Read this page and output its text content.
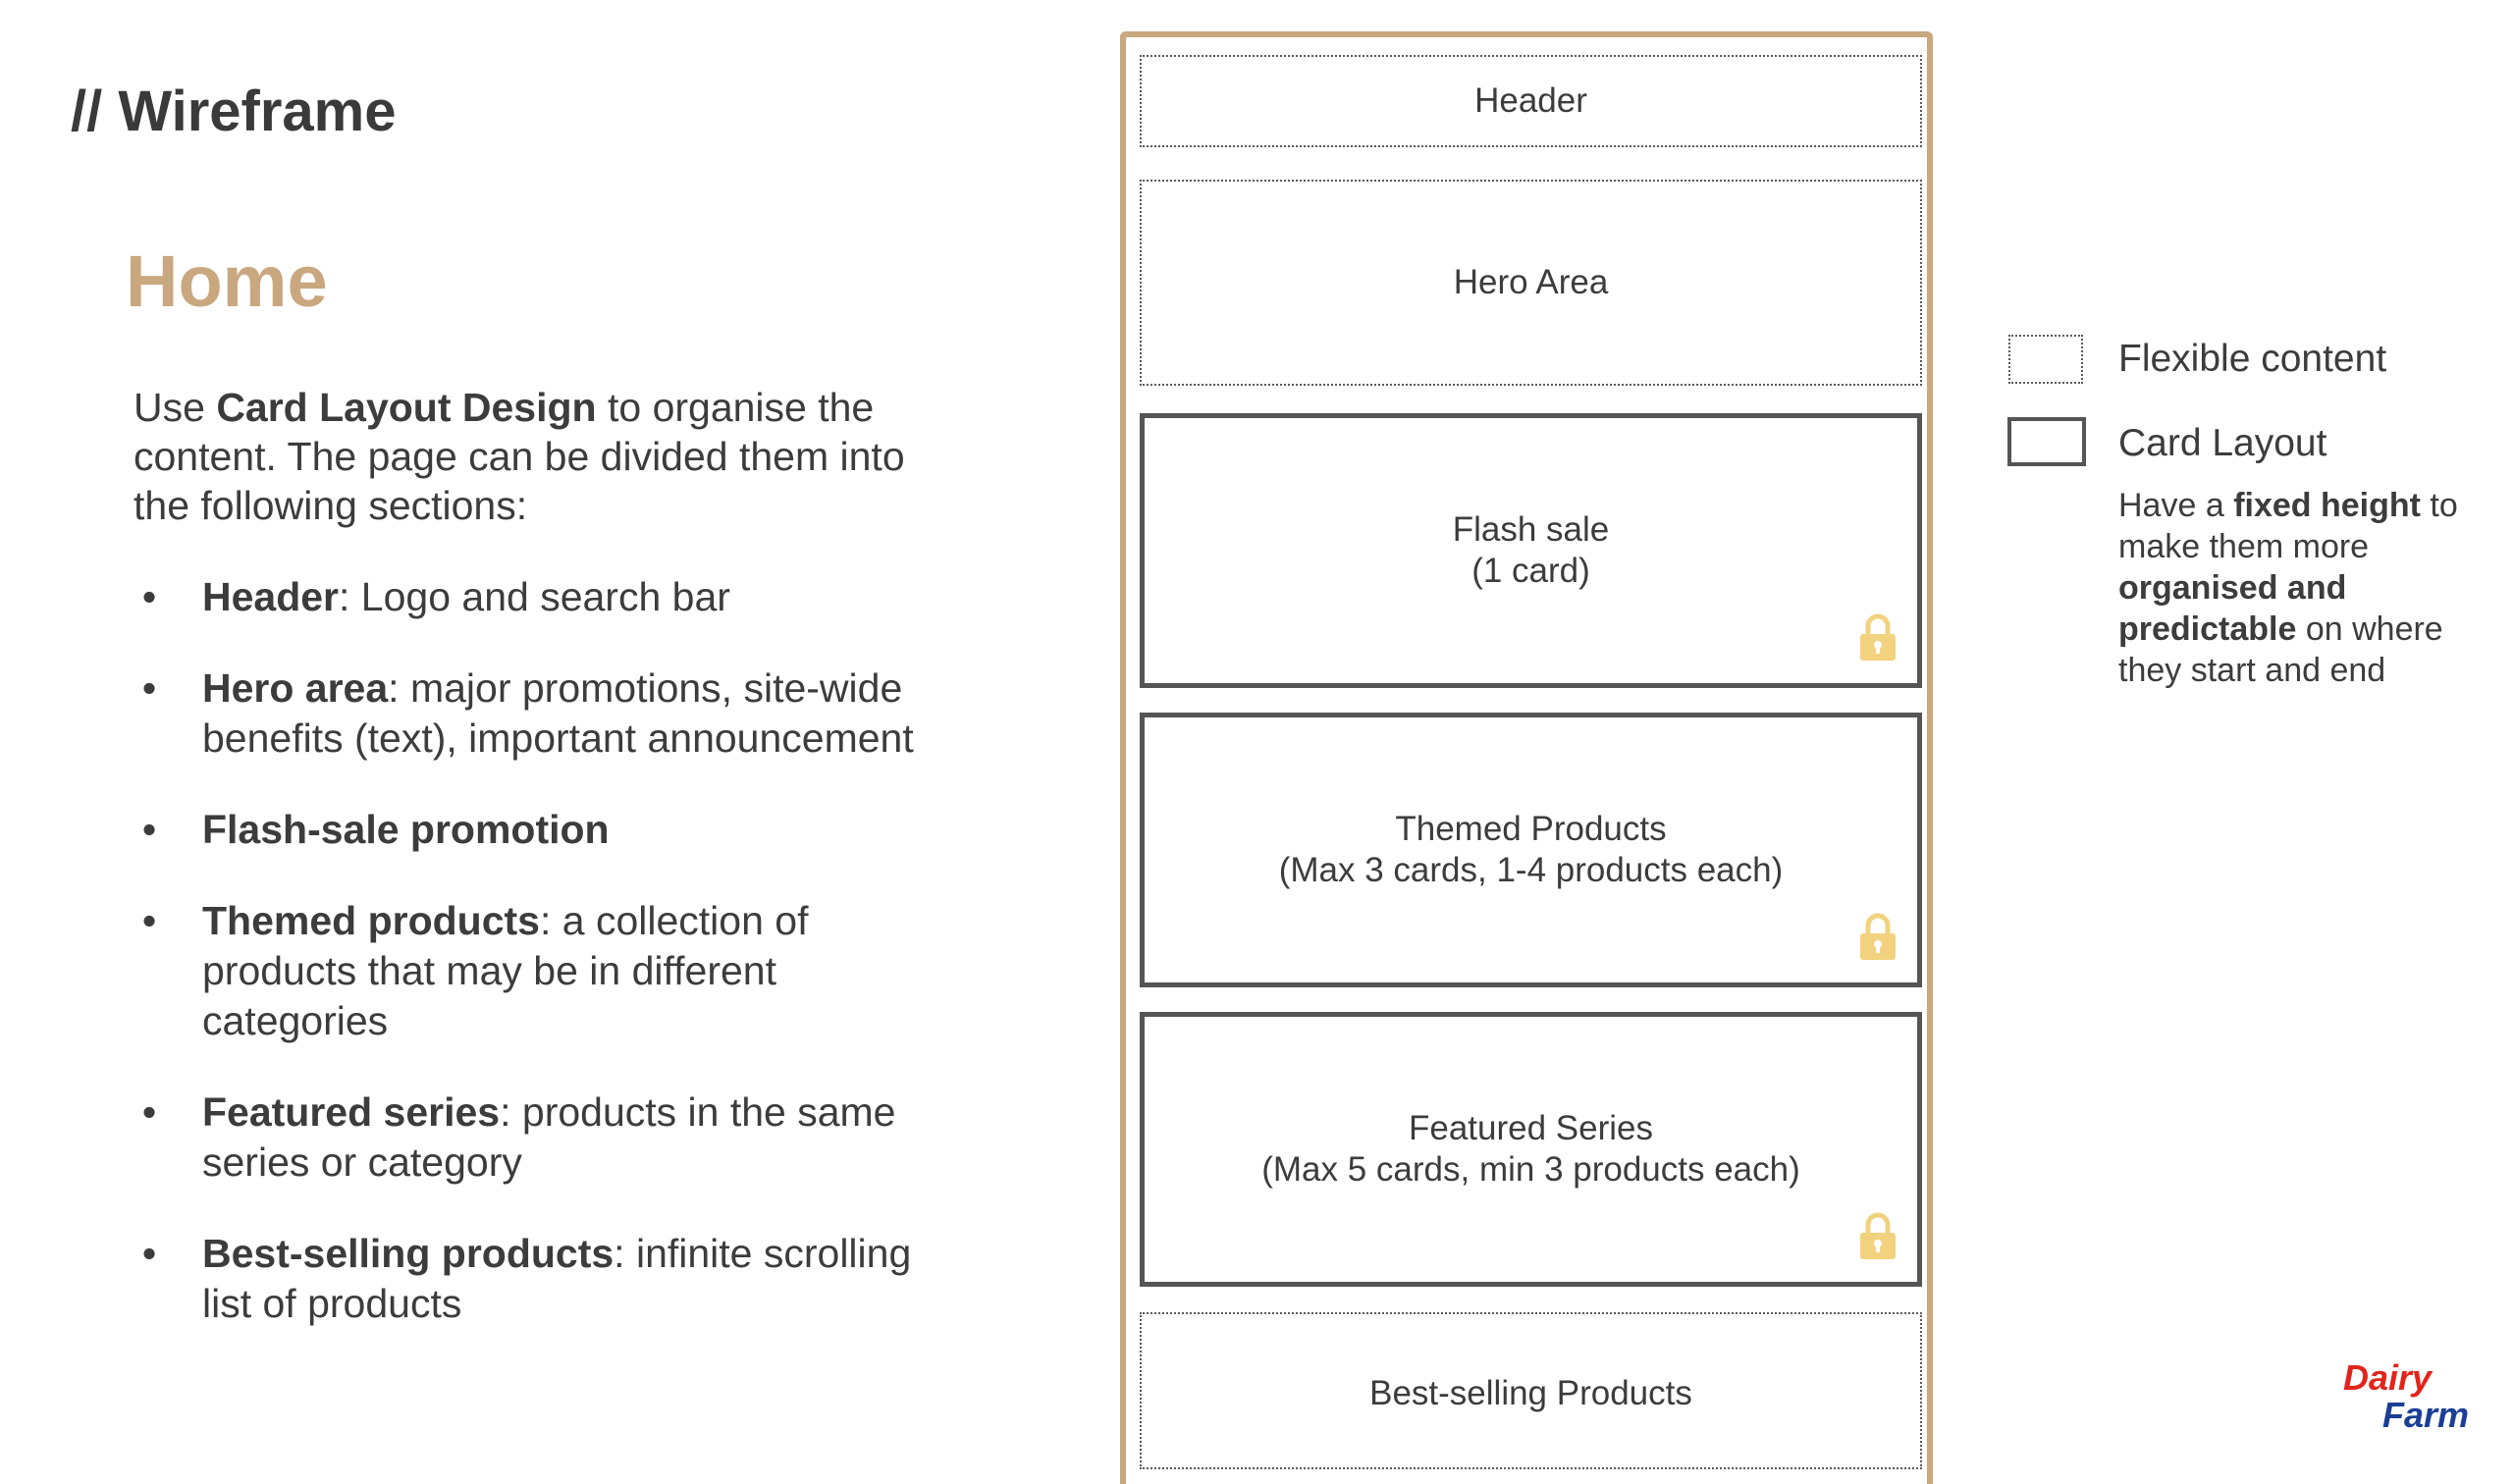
// Wireframe
Home
Use Card Layout Design to organise the content. The page can be divided them into the following sections:
• Header: Logo and search bar
• Hero area: major promotions, site-wide benefits (text), important announcement
• Flash-sale promotion
• Themed products: a collection of products that may be in different categories
• Featured series: products in the same series or category
• Best-selling products: infinite scrolling list of products
Header
Hero Area
Flash sale
(1 card)
Themed Products
(Max 3 cards, 1-4 products each)
Featured Series
(Max 5 cards, min 3 products each)
Best-selling Products
Flexible content
Card Layout
Have a fixed height to make them more organised and predictable on where they start and end
Dairy
Farm
